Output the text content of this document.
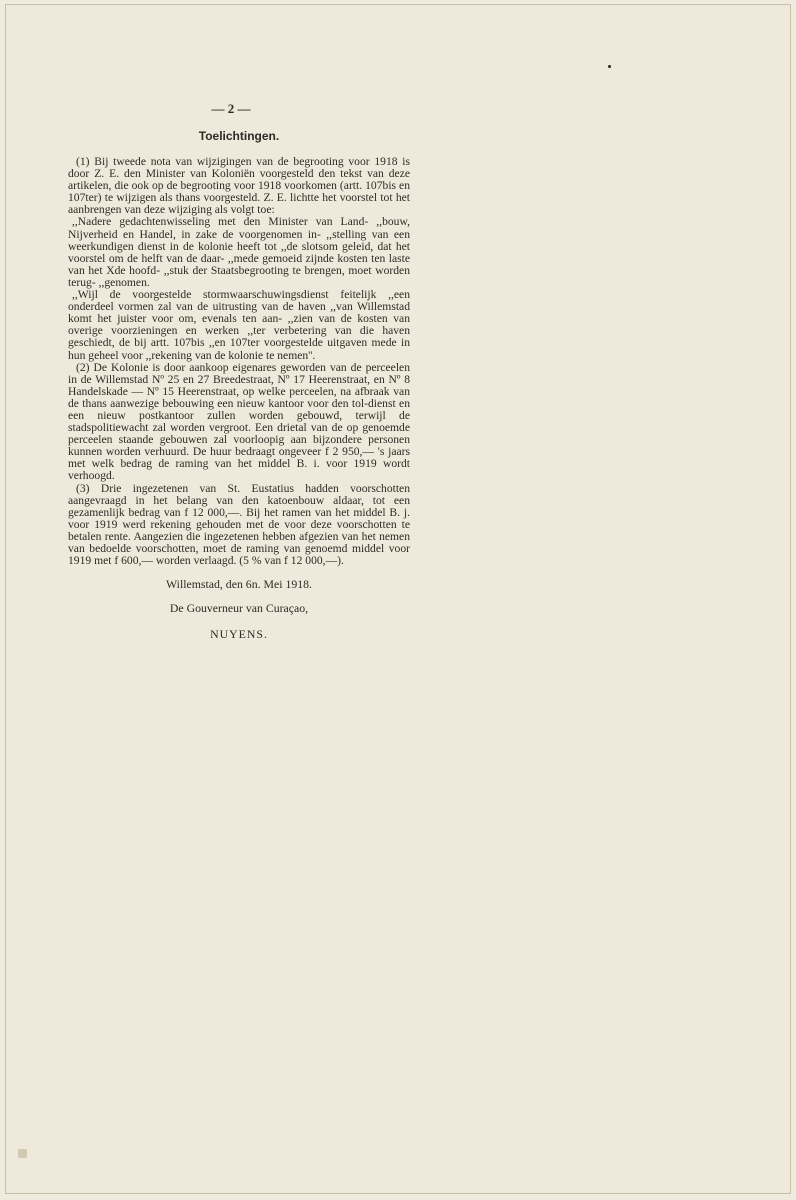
— 2 —
Toelichtingen.

(1) Bij tweede nota van wijzigingen van de begrooting voor 1918 is door Z. E. den Minister van Koloniën voorgesteld den tekst van deze artikelen, die ook op de begrooting voor 1918 voorkomen (artt. 107bis en 107ter) te wijzigen als thans voorgesteld. Z. E. lichtte het voorstel tot het aanbrengen van deze wijziging als volgt toe:

,,Nadere gedachtenwisseling met den Minister van Land- ,,bouw, Nijverheid en Handel, in zake de voorgenomen in- ,,stelling van een weerkundigen dienst in de kolonie heeft tot ,,de slotsom geleid, dat het voorstel om de helft van de daar- ,,mede gemoeid zijnde kosten ten laste van het Xde hoofd- ,,stuk der Staatsbegrooting te brengen, moet worden terug- ,,genomen.

,,Wijl de voorgestelde stormwaarschuwingsdienst feitelijk ,,een onderdeel vormen zal van de uitrusting van de haven ,,van Willemstad komt het juister voor om, evenals ten aan- ,,zien van de kosten van overige voorzieningen en werken ,,ter verbetering van die haven geschiedt, de bij artt. 107bis ,,en 107ter voorgestelde uitgaven mede in hun geheel voor ,,rekening van de kolonie te nemen''.

(2) De Kolonie is door aankoop eigenares geworden van de perceelen in de Willemstad Nº 25 en 27 Breedestraat, Nº 17 Heerenstraat, en Nº 8 Handelskade — Nº 15 Heerenstraat, op welke perceelen, na afbraak van de thans aanwezige bebouwing een nieuw kantoor voor den tol-dienst en een nieuw postkantoor zullen worden gebouwd, terwijl de stadspolitiewacht zal worden vergroot. Een drietal van de op genoemde perceelen staande gebouwen zal voorloopig aan bijzondere personen kunnen worden verhuurd. De huur bedraagt ongeveer f 2 950,— 's jaars met welk bedrag de raming van het middel B. i. voor 1919 wordt verhoogd.

(3) Drie ingezetenen van St. Eustatius hadden voorschotten aangevraagd in het belang van den katoenbouw aldaar, tot een gezamenlijk bedrag van f 12 000,—. Bij het ramen van het middel B. j. voor 1919 werd rekening gehouden met de voor deze voorschotten te betalen rente. Aangezien die ingezetenen hebben afgezien van het nemen van bedoelde voorschotten, moet de raming van genoemd middel voor 1919 met f 600,— worden verlaagd. (5 % van f 12 000,—).

Willemstad, den 6n. Mei 1918.
De Gouverneur van Curaçao,
NUYENS.
